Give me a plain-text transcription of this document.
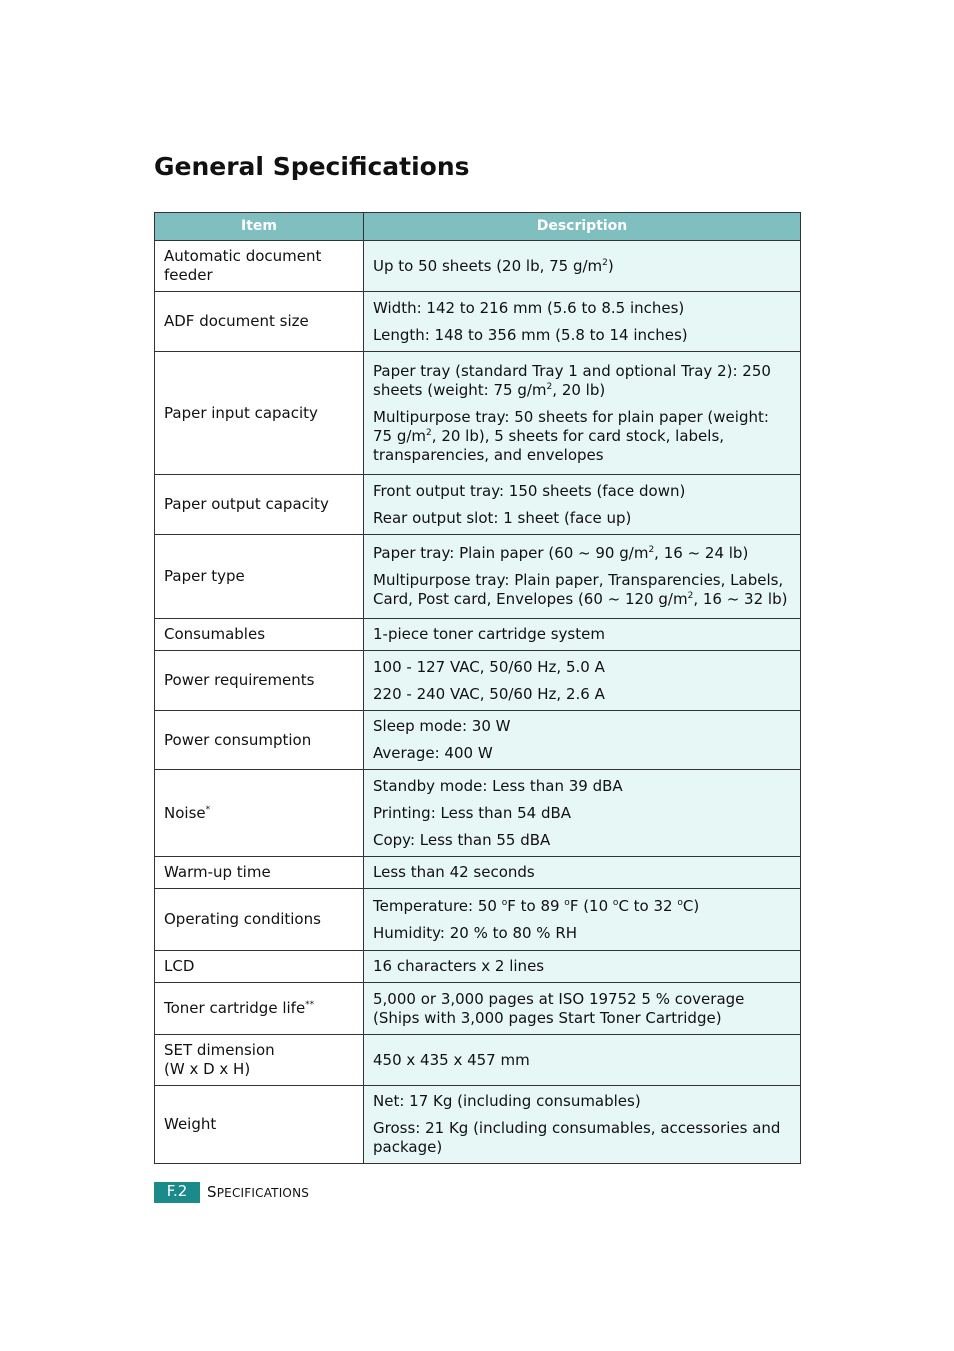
General Specifications
Item	Description
Automatic document
feeder	Up to 50 sheets (20 lb, 75 $g/m^2$)

ADF document size	Width: 142 to 216 mm (5.6 to 8.5 inches)

Length: 148 to 356 mm (5.8 to 14 inches)

Paper input capacity	Paper tray (standard Tray 1 and optional Tray 2): 250 sheets (weight: 75 $g/m^2$, 20 lb)

Multipurpose tray: 50 sheets for plain paper (weight: 75 $g/m^2$, 20 lb), 5 sheets for card stock, labels, transparencies, and envelopes

Paper output capacity	Front output tray: 150 sheets (face down)

Rear output slot: 1 sheet (face up)

Paper type	Paper tray: Plain paper (60 ~ 90 $g/m^2$, 16 ~ 24 lb)

Multipurpose tray: Plain paper, Transparencies, Labels, Card, Post card, Envelopes (60 ~ 120 $g/m^2$, 16 ~ 32 lb)

Consumables	1-piece toner cartridge system

Power requirements	100 - 127 VAC, 50/60 Hz, 5.0 A

220 - 240 VAC, 50/60 Hz, 2.6 A

Power consumption	Sleep mode: 30 W

Average: 400 W

Noise*	Standby mode: Less than 39 dBA

Printing: Less than 54 dBA

Copy: Less than 55 dBA

Warm-up time	Less than 42 seconds

Operating conditions	Temperature: 50 $^o$F to 89 $^o$F (10 $^o$C to 32 $^o$C)

Humidity: 20 % to 80 % RH

LCD	16 characters x 2 lines

Toner cartridge life**	5,000 or 3,000 pages at ISO 19752 5 % coverage (Ships with 3,000 pages Start Toner Cartridge)

SET dimension
(W x D x H)	450 x 435 x 457 mm

Weight	Net: 17 Kg (including consumables)

Gross: 21 Kg (including consumables, accessories and package)

F.2	SPECIFICATIONS
